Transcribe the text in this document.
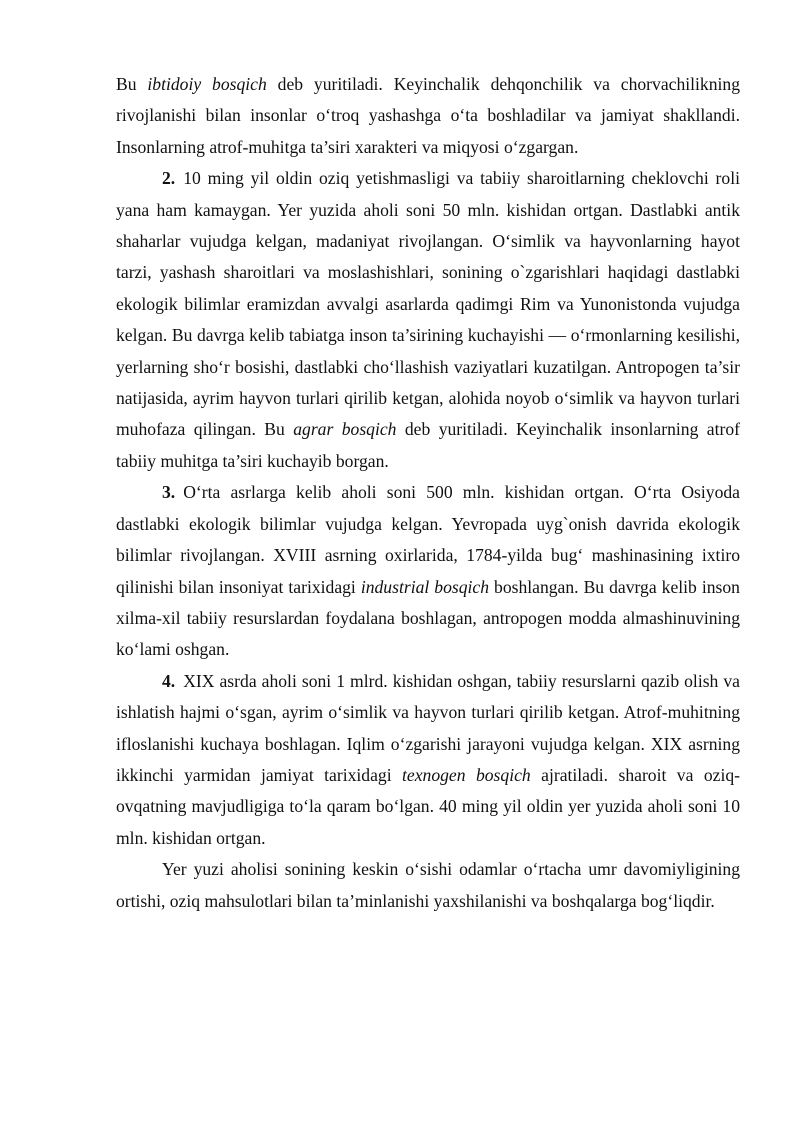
Bu ibtidoiy bosqich deb yuritiladi. Keyinchalik dehqonchilik va chorvachilikning rivojlanishi bilan insonlar o‘troq yashashga o‘ta boshladilar va jamiyat shakllandi. Insonlarning atrof-muhitga ta’siri xarakteri va miqyosi o‘zgargan.

2. 10 ming yil oldin oziq yetishmasligi va tabiiy sharoitlarning cheklovchi roli yana ham kamaygan. Yer yuzida aholi soni 50 mln. kishidan ortgan. Dastlabki antik shaharlar vujudga kelgan, madaniyat rivojlangan. O‘simlik va hayvonlarning hayot tarzi, yashash sharoitlari va moslashishlari, sonining o`zgarishlari haqidagi dastlabki ekologik bilimlar eramizdan avvalgi asarlarda qadimgi Rim va Yunonistonda vujudga kelgan. Bu davrga kelib tabiatga inson ta’sirining kuchayishi — o‘rmonlarning kesilishi, yerlarning sho‘r bosishi, dastlabki cho‘llashish vaziyatlari kuzatilgan. Antropogen ta’sir natijasida, ayrim hayvon turlari qirilib ketgan, alohida noyob o‘simlik va hayvon turlari muhofaza qilingan. Bu agrar bosqich deb yuritiladi. Keyinchalik insonlarning atrof tabiiy muhitga ta’siri kuchayib borgan.

3. O‘rta asrlarga kelib aholi soni 500 mln. kishidan ortgan. O‘rta Osiyoda dastlabki ekologik bilimlar vujudga kelgan. Yevropada uyg`onish davrida ekologik bilimlar rivojlangan. XVIII asrning oxirlarida, 1784-yilda bug‘ mashinasining ixtiro qilinishi bilan insoniyat tarixidagi industrial bosqich boshlangan. Bu davrga kelib inson xilma-xil tabiiy resurslardan foydalana boshlagan, antropogen modda almashinuvining ko‘lami oshgan.

4. XIX asrda aholi soni 1 mlrd. kishidan oshgan, tabiiy resurslarni qazib olish va ishlatish hajmi o‘sgan, ayrim o‘simlik va hayvon turlari qirilib ketgan. Atrof-muhitning ifloslanishi kuchaya boshlagan. Iqlim o‘zgarishi jarayoni vujudga kelgan. XIX asrning ikkinchi yarmidan jamiyat tarixidagi texnogen bosqich ajratiladi. sharoit va oziq-ovqatning mavjudligiga to‘la qaram bo‘lgan. 40 ming yil oldin yer yuzida aholi soni 10 mln. kishidan ortgan.

Yer yuzi aholisi sonining keskin o‘sishi odamlar o‘rtacha umr davomiyligining ortishi, oziq mahsulotlari bilan ta’minlanishi yaxshilanishi va boshqalarga bog‘liqdir.
